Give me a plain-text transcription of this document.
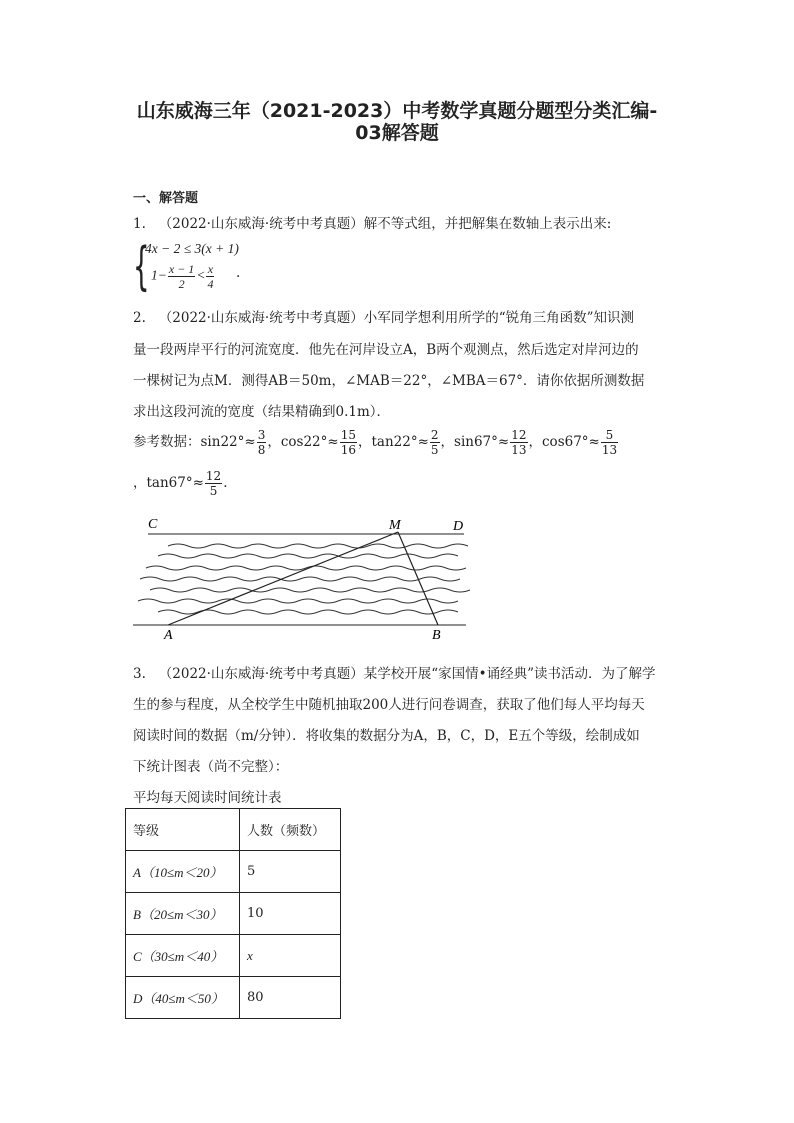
山东威海三年（2021-2023）中考数学真题分题型分类汇编-
03解答题
一、解答题
1. （2022·山东威海·统考中考真题）解不等式组，并把解集在数轴上表示出来:
{
4x − 2 ≤ 3(x + 1)
$1- \frac{x - 1}{2} < \frac{x}{4}$ .
2. （2022·山东威海·统考中考真题）小军同学想利用所学的“锐角三角函数”知识测
量一段两岸平行的河流宽度．他先在河岸设立A，B两个观测点，然后选定对岸河边的
一棵树记为点M．测得AB＝50m，∠MAB＝22°，∠MBA＝67°．请你依据所测数据
求出这段河流的宽度（结果精确到0.1m）．
参考数据：$\sin 22^\circ\approx \frac{3}{8}$ ，$\cos 22^\circ\approx \frac{15}{16}$ ，$\tan 22^\circ\approx \frac{2}{5}$ ，$\sin 67^\circ\approx \frac{12}{13}$ ，$\cos 67^\circ\approx \frac{5}{13}$
，$\tan 67^\circ\approx \frac{12}{5}$ .
C	M	D
A	B
3. （2022·山东威海·统考中考真题）某学校开展“家国情•诵经典”读书活动．为了解学
生的参与程度，从全校学生中随机抽取200人进行问卷调查，获取了他们每人平均每天
阅读时间的数据（m/分钟）．将收集的数据分为A，B，C，D，E五个等级，绘制成如
下统计图表（尚不完整）：
平均每天阅读时间统计表
等级	人数（频数）
A（10≤m＜20）	5
B（20≤m＜30）	10
C（30≤m＜40）	x
D（40≤m＜50）	80
